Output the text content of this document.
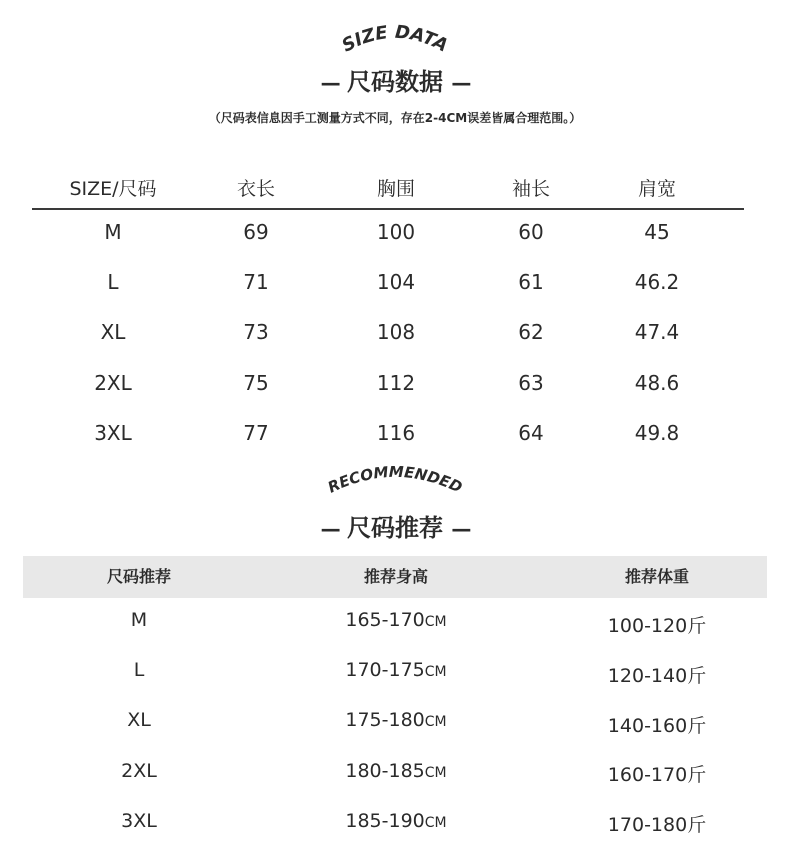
SIZE DATA
— 尺码数据 —
（尺码表信息因手工测量方式不同，存在2-4CM误差皆属合理范围。）
SIZE/尺码	衣长	胸围	袖长	肩宽
M	69	100	60	45
L	71	104	61	46.2
XL	73	108	62	47.4
2XL	75	112	63	48.6
3XL	77	116	64	49.8
RECOMMENDED
— 尺码推荐 —
尺码推荐	推荐身高	推荐体重
M	165-170CM	100-120斤
L	170-175CM	120-140斤
XL	175-180CM	140-160斤
2XL	180-185CM	160-170斤
3XL	185-190CM	170-180斤
